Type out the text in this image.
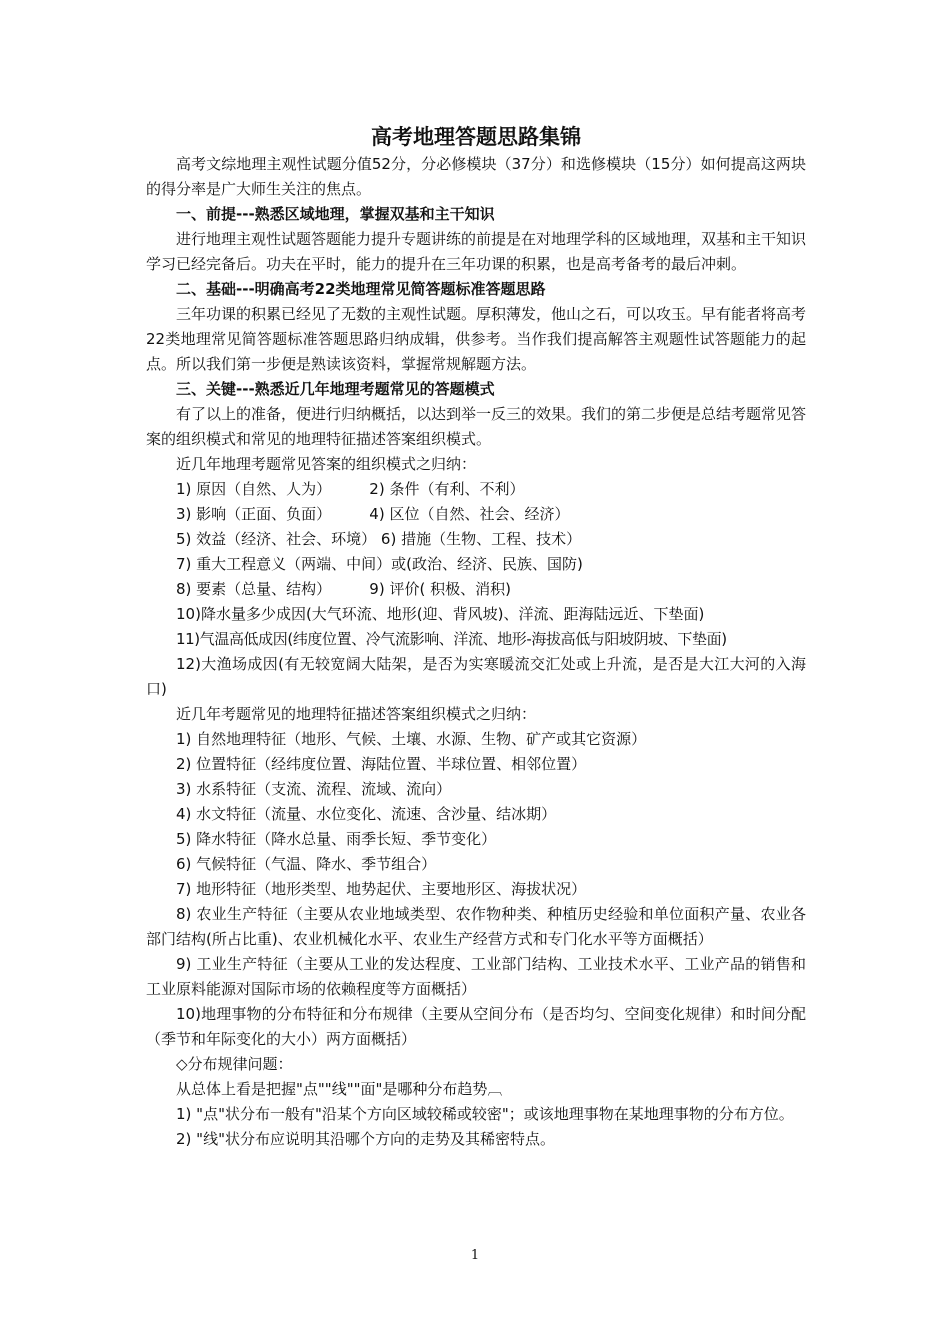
高考地理答题思路集锦

高考文综地理主观性试题分值52分，分必修模块（37分）和选修模块（15分）如何提高这两块的得分率是广大师生关注的焦点。

一、前提---熟悉区域地理，掌握双基和主干知识

进行地理主观性试题答题能力提升专题讲练的前提是在对地理学科的区域地理，双基和主干知识学习已经完备后。功夫在平时，能力的提升在三年功课的积累，也是高考备考的最后冲刺。

二、基础---明确高考22类地理常见简答题标准答题思路

三年功课的积累已经见了无数的主观性试题。厚积薄发，他山之石，可以攻玉。早有能者将高考22类地理常见简答题标准答题思路归纳成辑，供参考。当作我们提高解答主观题性试答题能力的起点。所以我们第一步便是熟读该资料，掌握常规解题方法。

三、关键---熟悉近几年地理考题常见的答题模式

有了以上的准备，便进行归纳概括，以达到举一反三的效果。我们的第二步便是总结考题常见答案的组织模式和常见的地理特征描述答案组织模式。

近几年地理考题常见答案的组织模式之归纳：

1) 原因（自然、人为）        2) 条件（有利、不利）

3) 影响（正面、负面）        4) 区位（自然、社会、经济）

5) 效益（经济、社会、环境） 6) 措施（生物、工程、技术）

7) 重大工程意义（两端、中间）或(政治、经济、民族、国防)

8) 要素（总量、结构）        9) 评价( 积极、消积)

10)降水量多少成因(大气环流、地形(迎、背风坡)、洋流、距海陆远近、下垫面)

11)气温高低成因(纬度位置、冷气流影响、洋流、地形-海拔高低与阳坡阴坡、下垫面)

12)大渔场成因(有无较宽阔大陆架，是否为实寒暖流交汇处或上升流，是否是大江大河的入海口)

近几年考题常见的地理特征描述答案组织模式之归纳：

1) 自然地理特征（地形、气候、土壤、水源、生物、矿产或其它资源）

2) 位置特征（经纬度位置、海陆位置、半球位置、相邻位置）

3) 水系特征（支流、流程、流域、流向）

4) 水文特征（流量、水位变化、流速、含沙量、结冰期）

5) 降水特征（降水总量、雨季长短、季节变化）

6) 气候特征（气温、降水、季节组合）

7) 地形特征（地形类型、地势起伏、主要地形区、海拔状况）

8) 农业生产特征（主要从农业地域类型、农作物种类、种植历史经验和单位面积产量、农业各部门结构(所占比重)、农业机械化水平、农业生产经营方式和专门化水平等方面概括）

9) 工业生产特征（主要从工业的发达程度、工业部门结构、工业技术水平、工业产品的销售和工业原料能源对国际市场的依赖程度等方面概括）

10)地理事物的分布特征和分布规律（主要从空间分布（是否均匀、空间变化规律）和时间分配（季节和年际变化的大小）两方面概括）

◇分布规律问题：

从总体上看是把握"点""线""面"是哪种分布趋势︹

1) "点"状分布一般有"沿某个方向区域较稀或较密"；或该地理事物在某地理事物的分布方位。

2) "线"状分布应说明其沿哪个方向的走势及其稀密特点。

1
